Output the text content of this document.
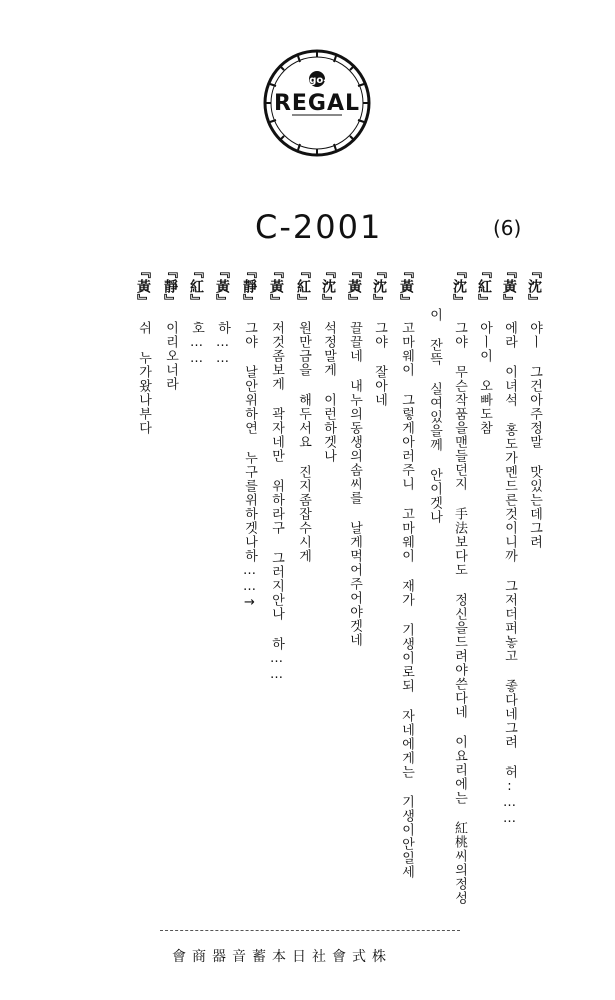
logo-R
REGAL
C-2001	(6)
『沈』야ㅣ 그건아주정말 맛있는데그려
『黃』에라 이녀석 홍도가멘드른것이니까 그저더퍼놓고 좋다네그려 허:……
『紅』아ㅣ이 오빠도참
『沈』그야 무슨작품을맨들던지 手法보다도 정신을드려야쓴다네 이요리에는 紅桃씨의정성
이 잔뜩 실여있을께 안이겟나
『黃』고마웨이 그렇게아러주니 고마웨이 재가 기생이로되 자네에게는 기생이안일세
『沈』그야 잘아네
『黃』끌끌네 내누의동생의솜씨를 날게먹어주어야겟네
『沈』석정말게 이런하겟나
『紅』원만금을 해두서요 진지좀잡수시게
『黃』저것좀보게 곽자네만 위하라구 그러지안나 하……
『靜』그야 날안위하연 누구를위하겟나하……→
『黃』하……
『紅』호……
『靜』이리오너라
『黃』쉬 누가왔나부다
會商器音蓄本日社會式株
